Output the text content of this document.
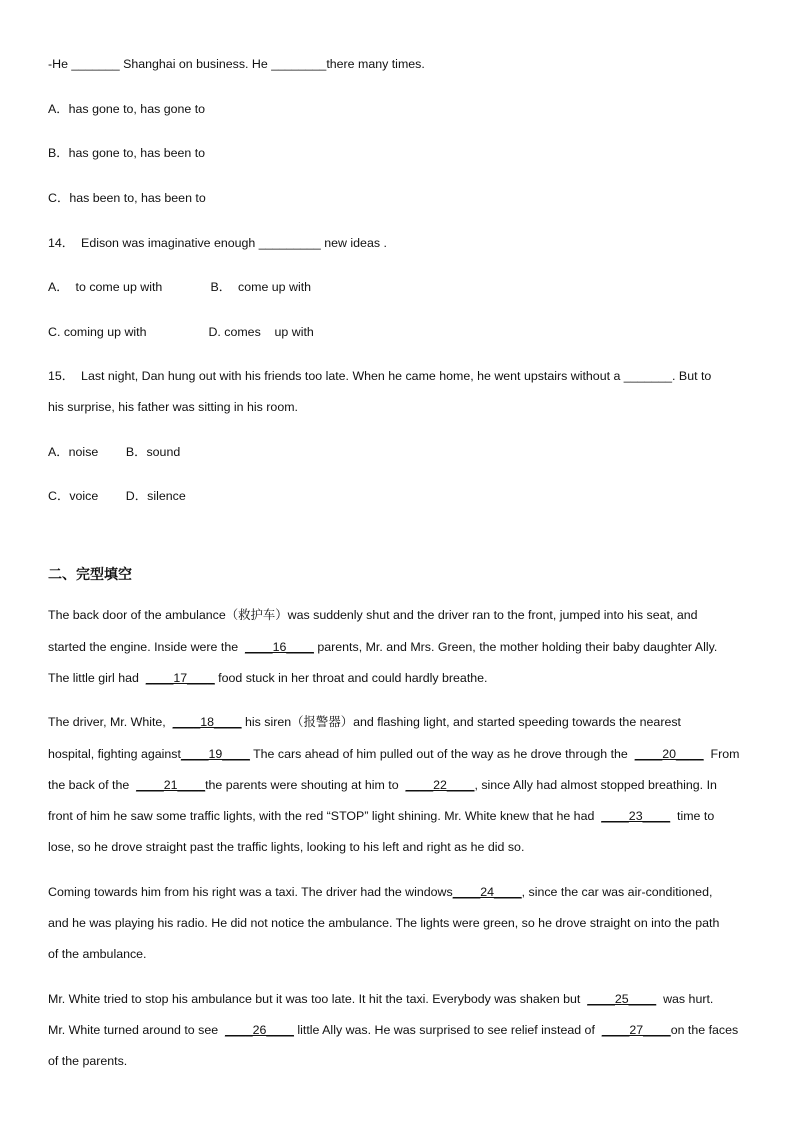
-He _______ Shanghai on business. He ________there many times.
A．has gone to, has gone to
B．has gone to, has been to
C．has been to, has been to
14．  Edison was imaginative enough _________ new ideas .
A．  to come up with              B．  come up with
C. coming up with                  D. comes    up with
15．  Last night, Dan hung out with his friends too late. When he came home, he went upstairs without a _______. But to
his surprise, his father was sitting in his room.
A．noise        B．sound
C．voice        D．silence
二、完型填空
The back door of the ambulance（救护车）was suddenly shut and the driver ran to the front, jumped into his seat, and
started the engine. Inside were the  ____16____ parents, Mr. and Mrs. Green, the mother holding their baby daughter Ally.
The little girl had  ____17____ food stuck in her throat and could hardly breathe.
The driver, Mr. White,  ____18____ his siren（报警器）and flashing light, and started speeding towards the nearest
hospital, fighting against____19____ The cars ahead of him pulled out of the way as he drove through the  ____20____  From
the back of the  ____21____the parents were shouting at him to  ____22____, since Ally had almost stopped breathing. In
front of him he saw some traffic lights, with the red “STOP” light shining. Mr. White knew that he had  ____23____  time to
lose, so he drove straight past the traffic lights, looking to his left and right as he did so.
Coming towards him from his right was a taxi. The driver had the windows____24____, since the car was air-conditioned,
and he was playing his radio. He did not notice the ambulance. The lights were green, so he drove straight on into the path
of the ambulance.
Mr. White tried to stop his ambulance but it was too late. It hit the taxi. Everybody was shaken but  ____25____  was hurt.
Mr. White turned around to see  ____26____ little Ally was. He was surprised to see relief instead of  ____27____on the faces
of the parents.
